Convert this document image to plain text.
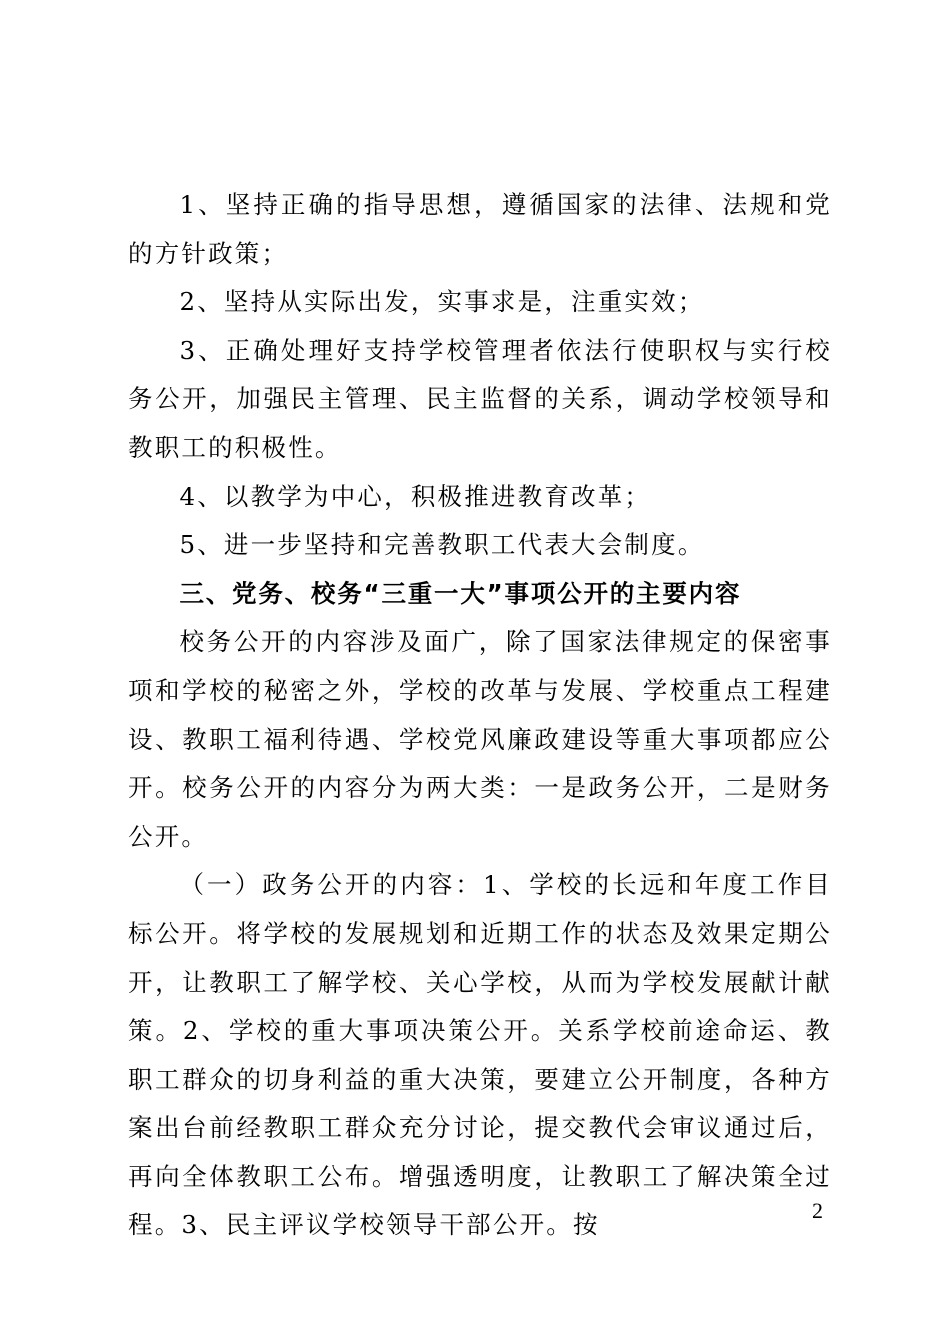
1、坚持正确的指导思想，遵循国家的法律、法规和党的方针政策；

2、坚持从实际出发，实事求是，注重实效；

3、正确处理好支持学校管理者依法行使职权与实行校务公开，加强民主管理、民主监督的关系，调动学校领导和教职工的积极性。

4、以教学为中心，积极推进教育改革；

5、进一步坚持和完善教职工代表大会制度。

三、党务、校务“三重一大”事项公开的主要内容

校务公开的内容涉及面广，除了国家法律规定的保密事项和学校的秘密之外，学校的改革与发展、学校重点工程建设、教职工福利待遇、学校党风廉政建设等重大事项都应公开。校务公开的内容分为两大类：一是政务公开，二是财务公开。

（一）政务公开的内容：1、学校的长远和年度工作目标公开。将学校的发展规划和近期工作的状态及效果定期公开，让教职工了解学校、关心学校，从而为学校发展献计献策。2、学校的重大事项决策公开。关系学校前途命运、教职工群众的切身利益的重大决策，要建立公开制度，各种方案出台前经教职工群众充分讨论，提交教代会审议通过后，再向全体教职工公布。增强透明度，让教职工了解决策全过程。3、民主评议学校领导干部公开。按	2
